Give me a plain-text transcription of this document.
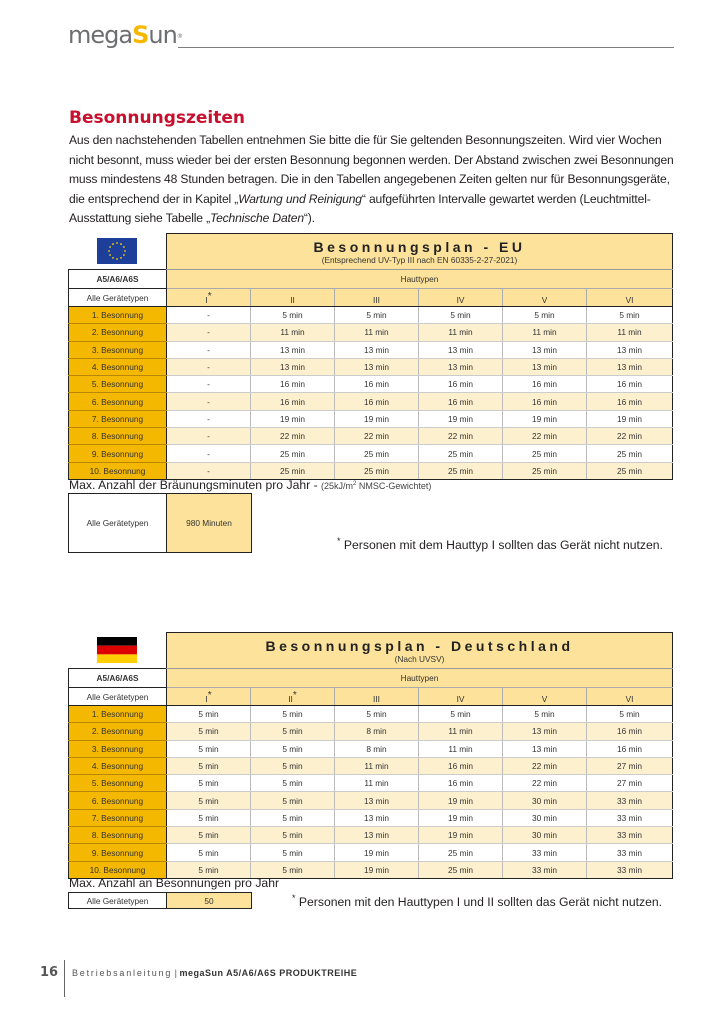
megaSun®
Besonnungszeiten
Aus den nachstehenden Tabellen entnehmen Sie bitte die für Sie geltenden Besonnungszeiten. Wird vier Wochen nicht besonnt, muss wieder bei der ersten Besonnung begonnen werden. Der Abstand zwischen zwei Besonnungen muss mindestens 48 Stunden betragen. Die in den Tabellen angegebenen Zeiten gelten nur für Besonnungsgeräte, die entsprechend der in Kapitel „Wartung und Reinigung“ aufgeführten Intervalle gewartet werden (Leuchtmittel-Ausstattung siehe Tabelle „Technische Daten“).

Besonnungsplan - EU
(Entsprechend UV-Typ III nach EN 60335-2-27-2021)					

A5/A6/A6S	Hauttypen					
Alle Gerätetypen	I*	II	III	IV	V	VI
1. Besonnung	-	5 min	5 min	5 min	5 min	5 min
2. Besonnung	-	11 min	11 min	11 min	11 min	11 min
3. Besonnung	-	13 min	13 min	13 min	13 min	13 min
4. Besonnung	-	13 min	13 min	13 min	13 min	13 min
5. Besonnung	-	16 min	16 min	16 min	16 min	16 min
6. Besonnung	-	16 min	16 min	16 min	16 min	16 min
7. Besonnung	-	19 min	19 min	19 min	19 min	19 min
8. Besonnung	-	22 min	22 min	22 min	22 min	22 min
9. Besonnung	-	25 min	25 min	25 min	25 min	25 min
10. Besonnung	-	25 min	25 min	25 min	25 min	25 min
Max. Anzahl der Bräunungsminuten pro Jahr - ($25kJ/m^2$ NMSC-Gewichtet)
Alle Gerätetypen	980 Minuten
* Personen mit dem Hauttyp I sollten das Gerät nicht nutzen.

Besonnungsplan - Deutschland
(Nach UVSV)					

A5/A6/A6S	Hauttypen					
Alle Gerätetypen	I*	II*	III	IV	V	VI
1. Besonnung	5 min	5 min	5 min	5 min	5 min	5 min
2. Besonnung	5 min	5 min	8 min	11 min	13 min	16 min
3. Besonnung	5 min	5 min	8 min	11 min	13 min	16 min
4. Besonnung	5 min	5 min	11 min	16 min	22 min	27 min
5. Besonnung	5 min	5 min	11 min	16 min	22 min	27 min
6. Besonnung	5 min	5 min	13 min	19 min	30 min	33 min
7. Besonnung	5 min	5 min	13 min	19 min	30 min	33 min
8. Besonnung	5 min	5 min	13 min	19 min	30 min	33 min
9. Besonnung	5 min	5 min	19 min	25 min	33 min	33 min
10. Besonnung	5 min	5 min	19 min	25 min	33 min	33 min
Max. Anzahl an Besonnungen pro Jahr
Alle Gerätetypen	50	* Personen mit den Hauttypen I und II sollten das Gerät nicht nutzen.
16 Betriebsanleitung | megaSun A5/A6/A6S PRODUKTREIHE
